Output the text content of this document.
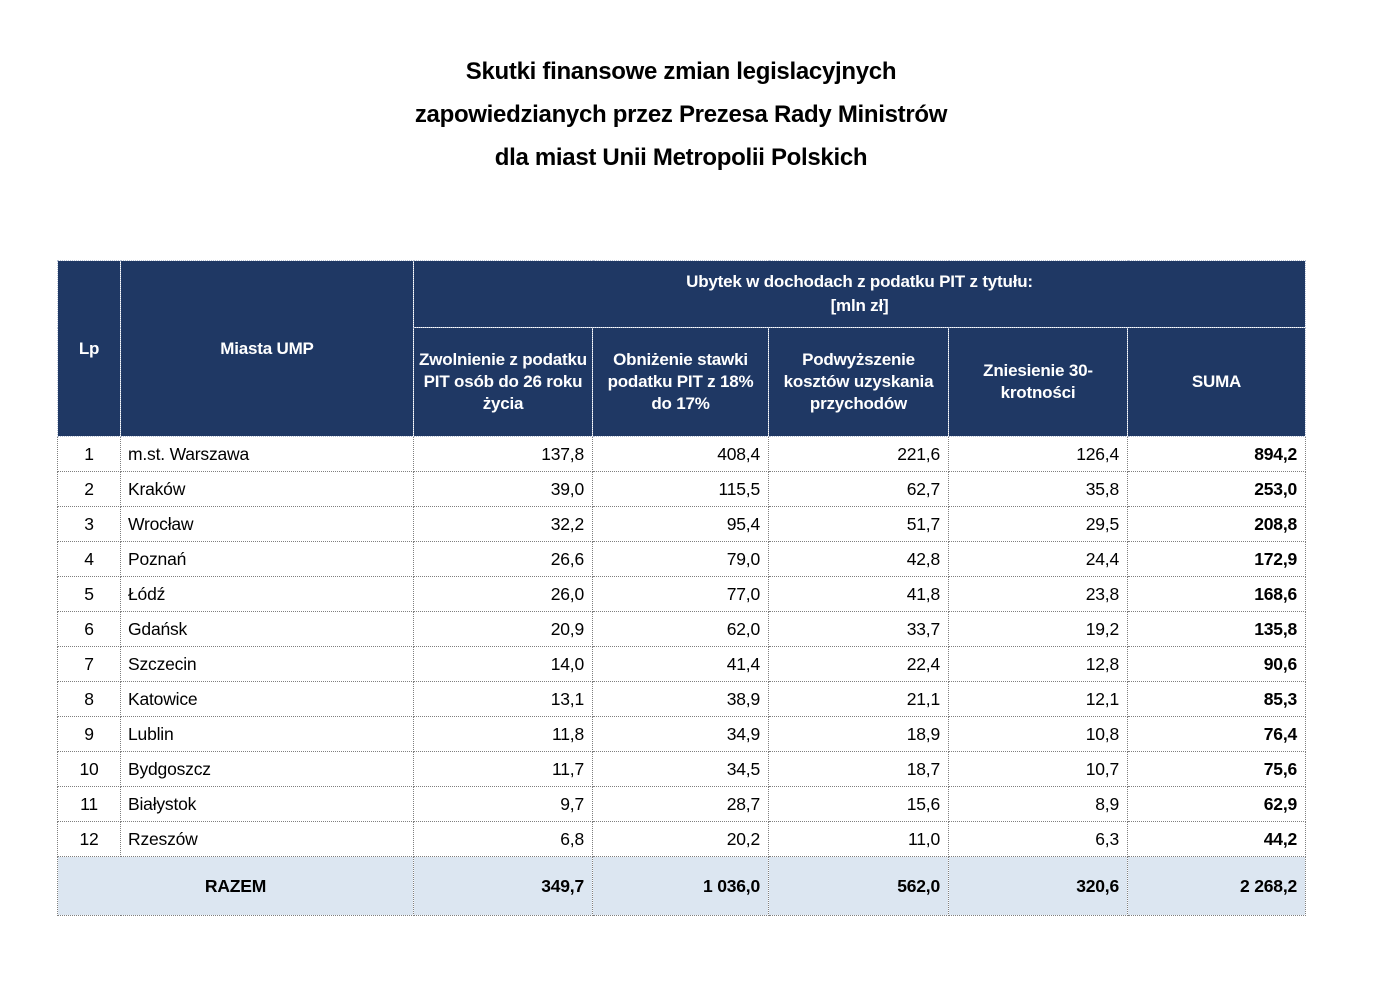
Skutki finansowe zmian legislacyjnych
zapowiedzianych przez Prezesa Rady Ministrów
dla miast Unii Metropolii Polskich
Lp	Miasta UMP	Ubytek w dochodach z podatku PIT z tytułu:
[mln zł]				

		Zwolnienie z podatku PIT osób do 26 roku życia	Obniżenie stawki podatku PIT z 18% do 17%	Podwyższenie kosztów uzyskania przychodów	Zniesienie 30-krotności	SUMA
1	m.st. Warszawa	137,8	408,4	221,6	126,4	894,2
2	Kraków	39,0	115,5	62,7	35,8	253,0
3	Wrocław	32,2	95,4	51,7	29,5	208,8
4	Poznań	26,6	79,0	42,8	24,4	172,9
5	Łódź	26,0	77,0	41,8	23,8	168,6
6	Gdańsk	20,9	62,0	33,7	19,2	135,8
7	Szczecin	14,0	41,4	22,4	12,8	90,6
8	Katowice	13,1	38,9	21,1	12,1	85,3
9	Lublin	11,8	34,9	18,9	10,8	76,4
10	Bydgoszcz	11,7	34,5	18,7	10,7	75,6
11	Białystok	9,7	28,7	15,6	8,9	62,9
12	Rzeszów	6,8	20,2	11,0	6,3	44,2
RAZEM		349,7	1 036,0	562,0	320,6	2 268,2
